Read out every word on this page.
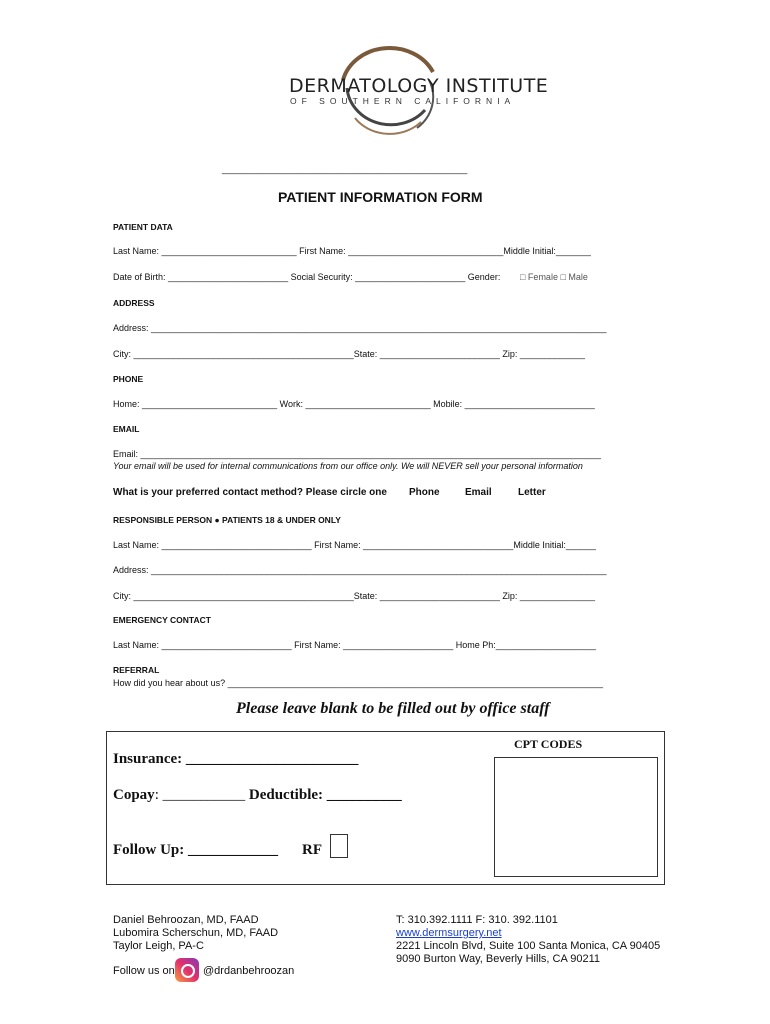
DERMATOLOGY INSTITUTE
OF SOUTHERN CALIFORNIA
_________________________________________________
PATIENT INFORMATION FORM
PATIENT DATA
Last Name: ___________________________ First Name: _______________________________Middle Initial:_______
Date of Birth: ________________________ Social Security: ______________________ Gender: □ Female □ Male
ADDRESS
Address: ___________________________________________________________________________________________
City: ____________________________________________State: ________________________ Zip: _____________
PHONE
Home: ___________________________ Work: _________________________ Mobile: __________________________
EMAIL
Email: ____________________________________________________________________________________________
Your email will be used for internal communications from our office only. We will NEVER sell your personal information
What is your preferred contact method? Please circle one Phone	Email	Letter
RESPONSIBLE PERSON ● PATIENTS 18 & UNDER ONLY
Last Name: ______________________________ First Name: ______________________________Middle Initial:______
Address: ___________________________________________________________________________________________
City: ____________________________________________State: ________________________ Zip: _______________
EMERGENCY CONTACT
Last Name: __________________________ First Name: ______________________ Home Ph:____________________
REFERRAL
How did you hear about us? ___________________________________________________________________________
Please leave blank to be filled out by office staff
Insurance: _______________________
Copay: ___________ Deductible: __________
Follow Up: ____________ RF
CPT CODES
Daniel Behroozan, MD, FAAD
Lubomira Scherschun, MD, FAAD
Taylor Leigh, PA-C
Follow us on	@drdanbehroozan
T: 310.392.1111 F: 310. 392.1101
www.dermsurgery.net
2221 Lincoln Blvd, Suite 100 Santa Monica, CA 90405
9090 Burton Way, Beverly Hills, CA 90211
